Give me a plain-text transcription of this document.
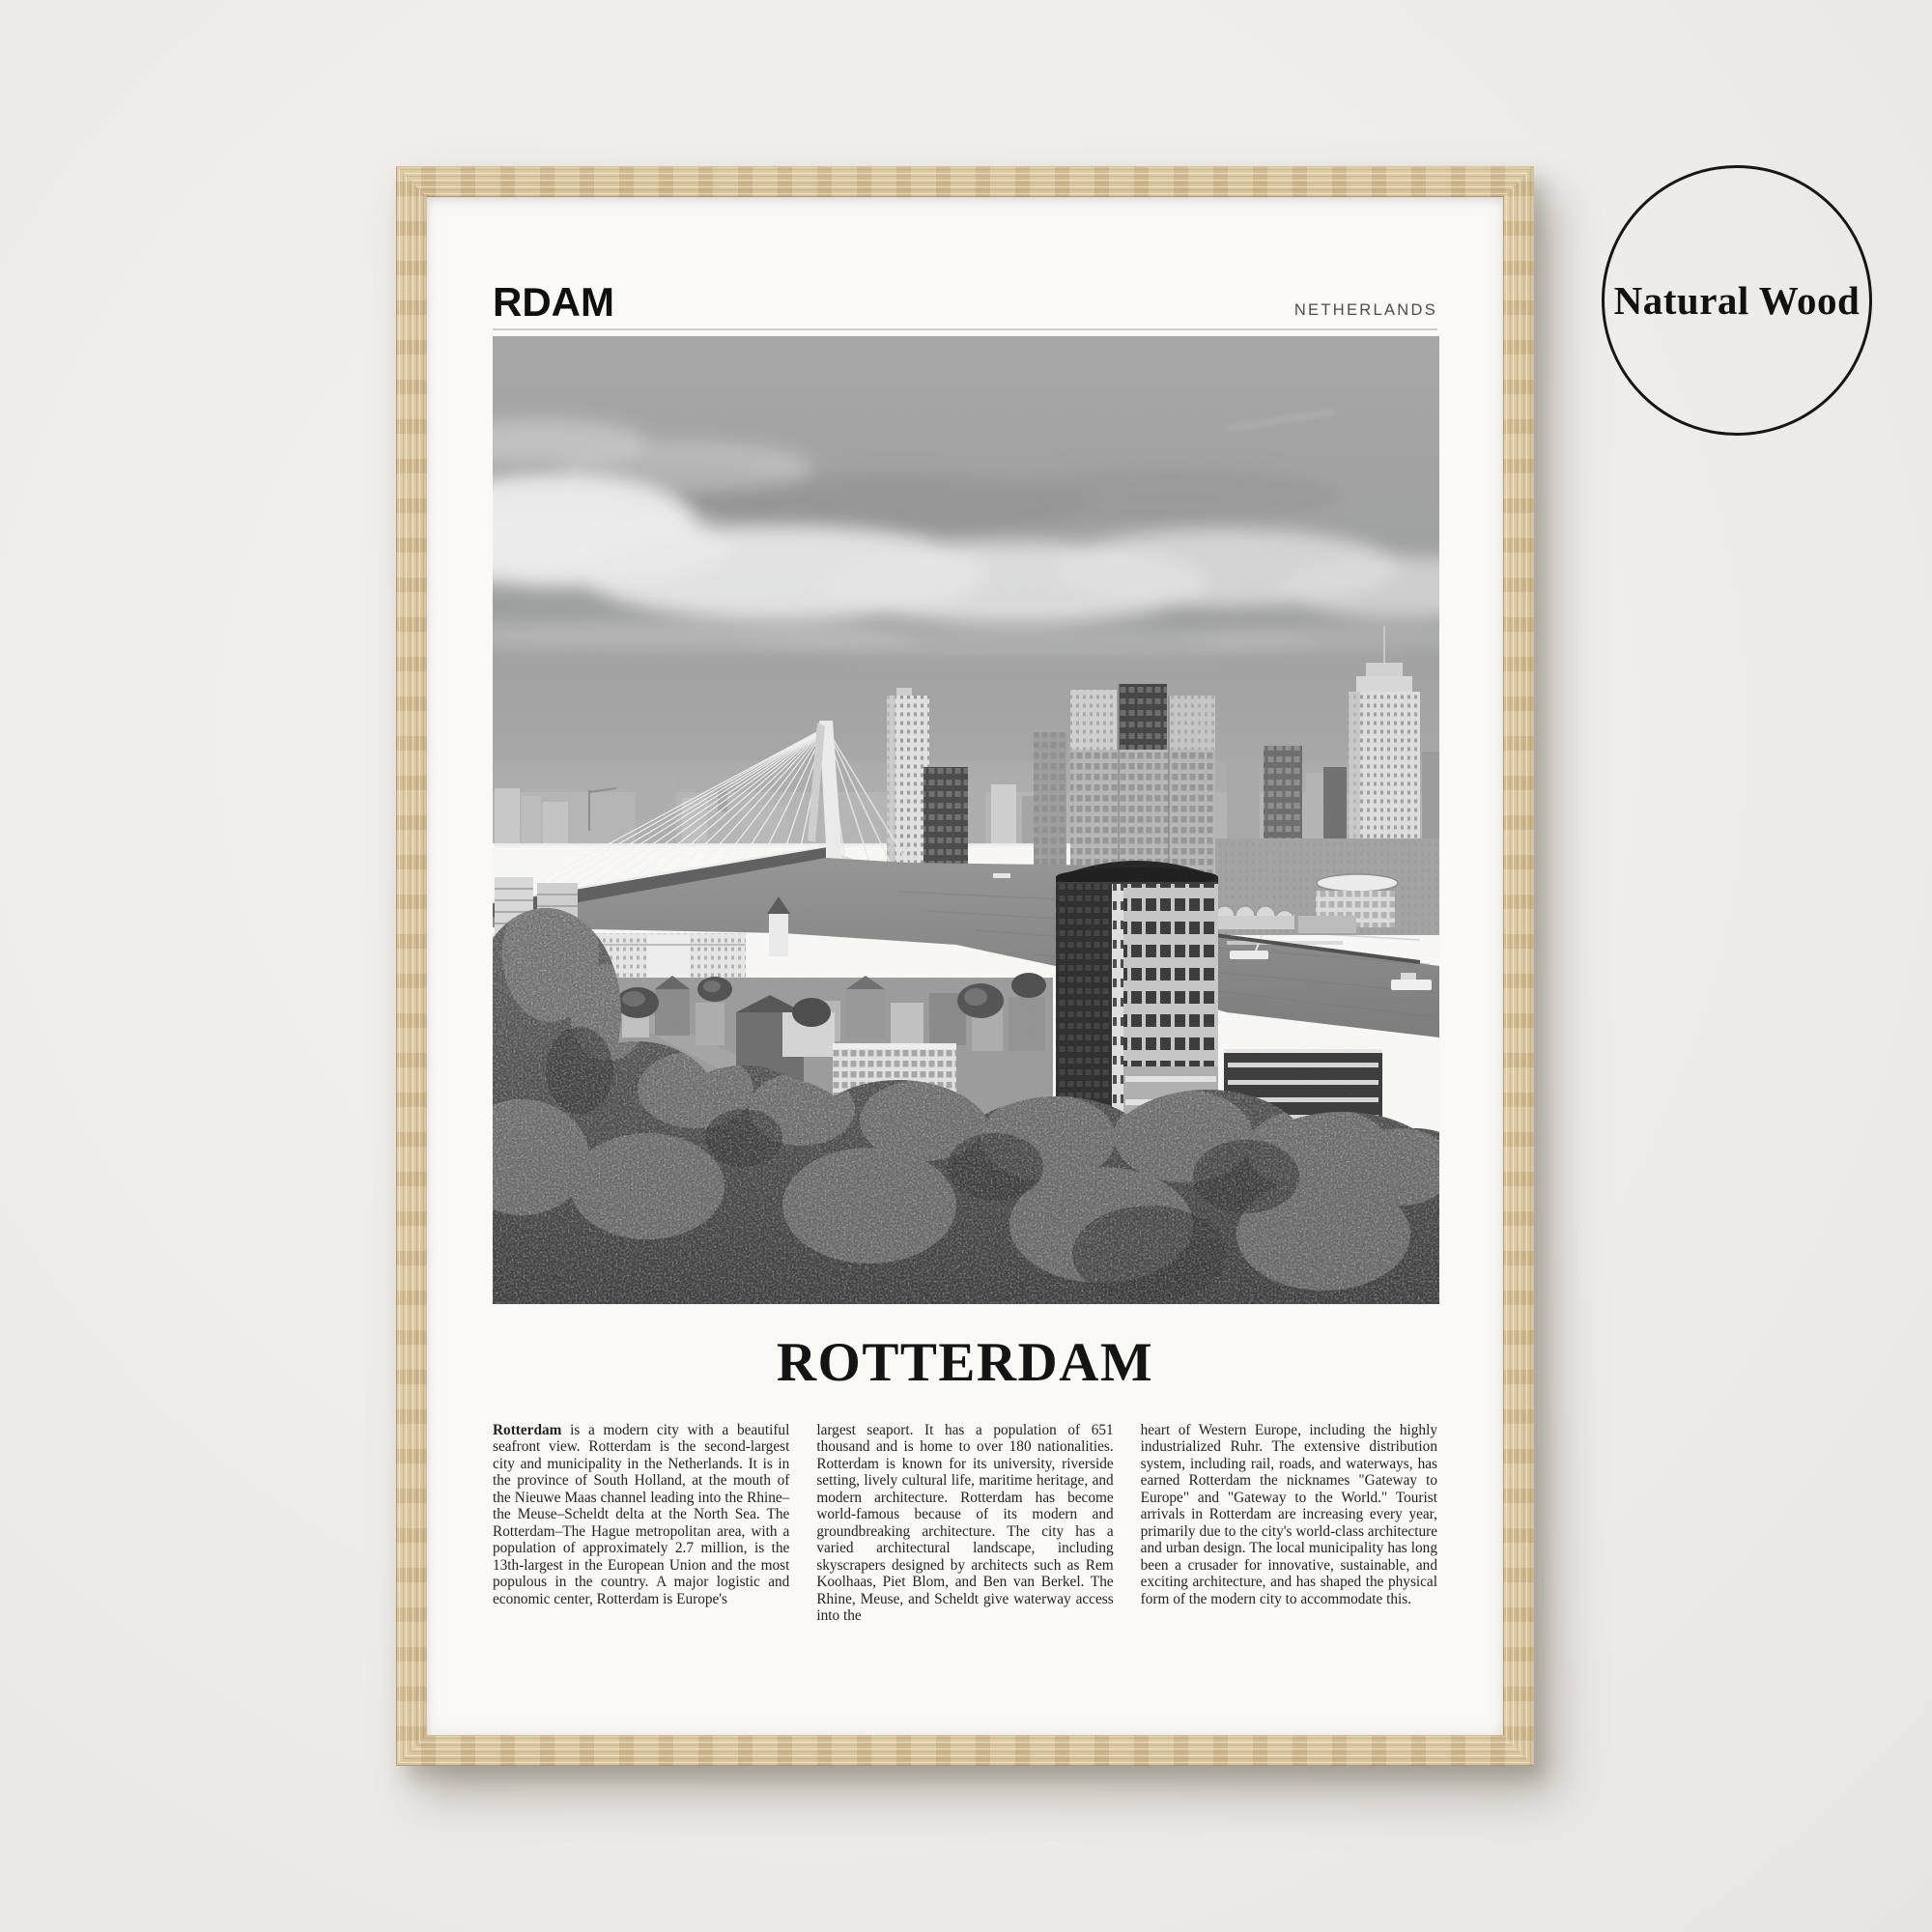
RDAM	NETHERLANDS
ROTTERDAM
Rotterdam is a modern city with a beautiful seafront view. Rotterdam is the second-largest city and municipality in the Netherlands. It is in the province of South Holland, at the mouth of the Nieuwe Maas channel leading into the Rhine–the Meuse–Scheldt delta at the North Sea. The Rotterdam–The Hague metropolitan area, with a population of approximately 2.7 million, is the 13th-largest in the European Union and the most populous in the country. A major logistic and economic center, Rotterdam is Europe's
largest seaport. It has a population of 651 thousand and is home to over 180 nationalities. Rotterdam is known for its university, riverside setting, lively cultural life, maritime heritage, and modern architecture. Rotterdam has become world-famous because of its modern and groundbreaking architecture. The city has a varied architectural landscape, including skyscrapers designed by architects such as Rem Koolhaas, Piet Blom, and Ben van Berkel. The Rhine, Meuse, and Scheldt give waterway access into the
heart of Western Europe, including the highly industrialized Ruhr. The extensive distribution system, including rail, roads, and waterways, has earned Rotterdam the nicknames "Gateway to Europe" and "Gateway to the World." Tourist arrivals in Rotterdam are increasing every year, primarily due to the city's world-class architecture and urban design. The local municipality has long been a crusader for innovative, sustainable, and exciting architecture, and has shaped the physical form of the modern city to accommodate this.
Natural Wood
